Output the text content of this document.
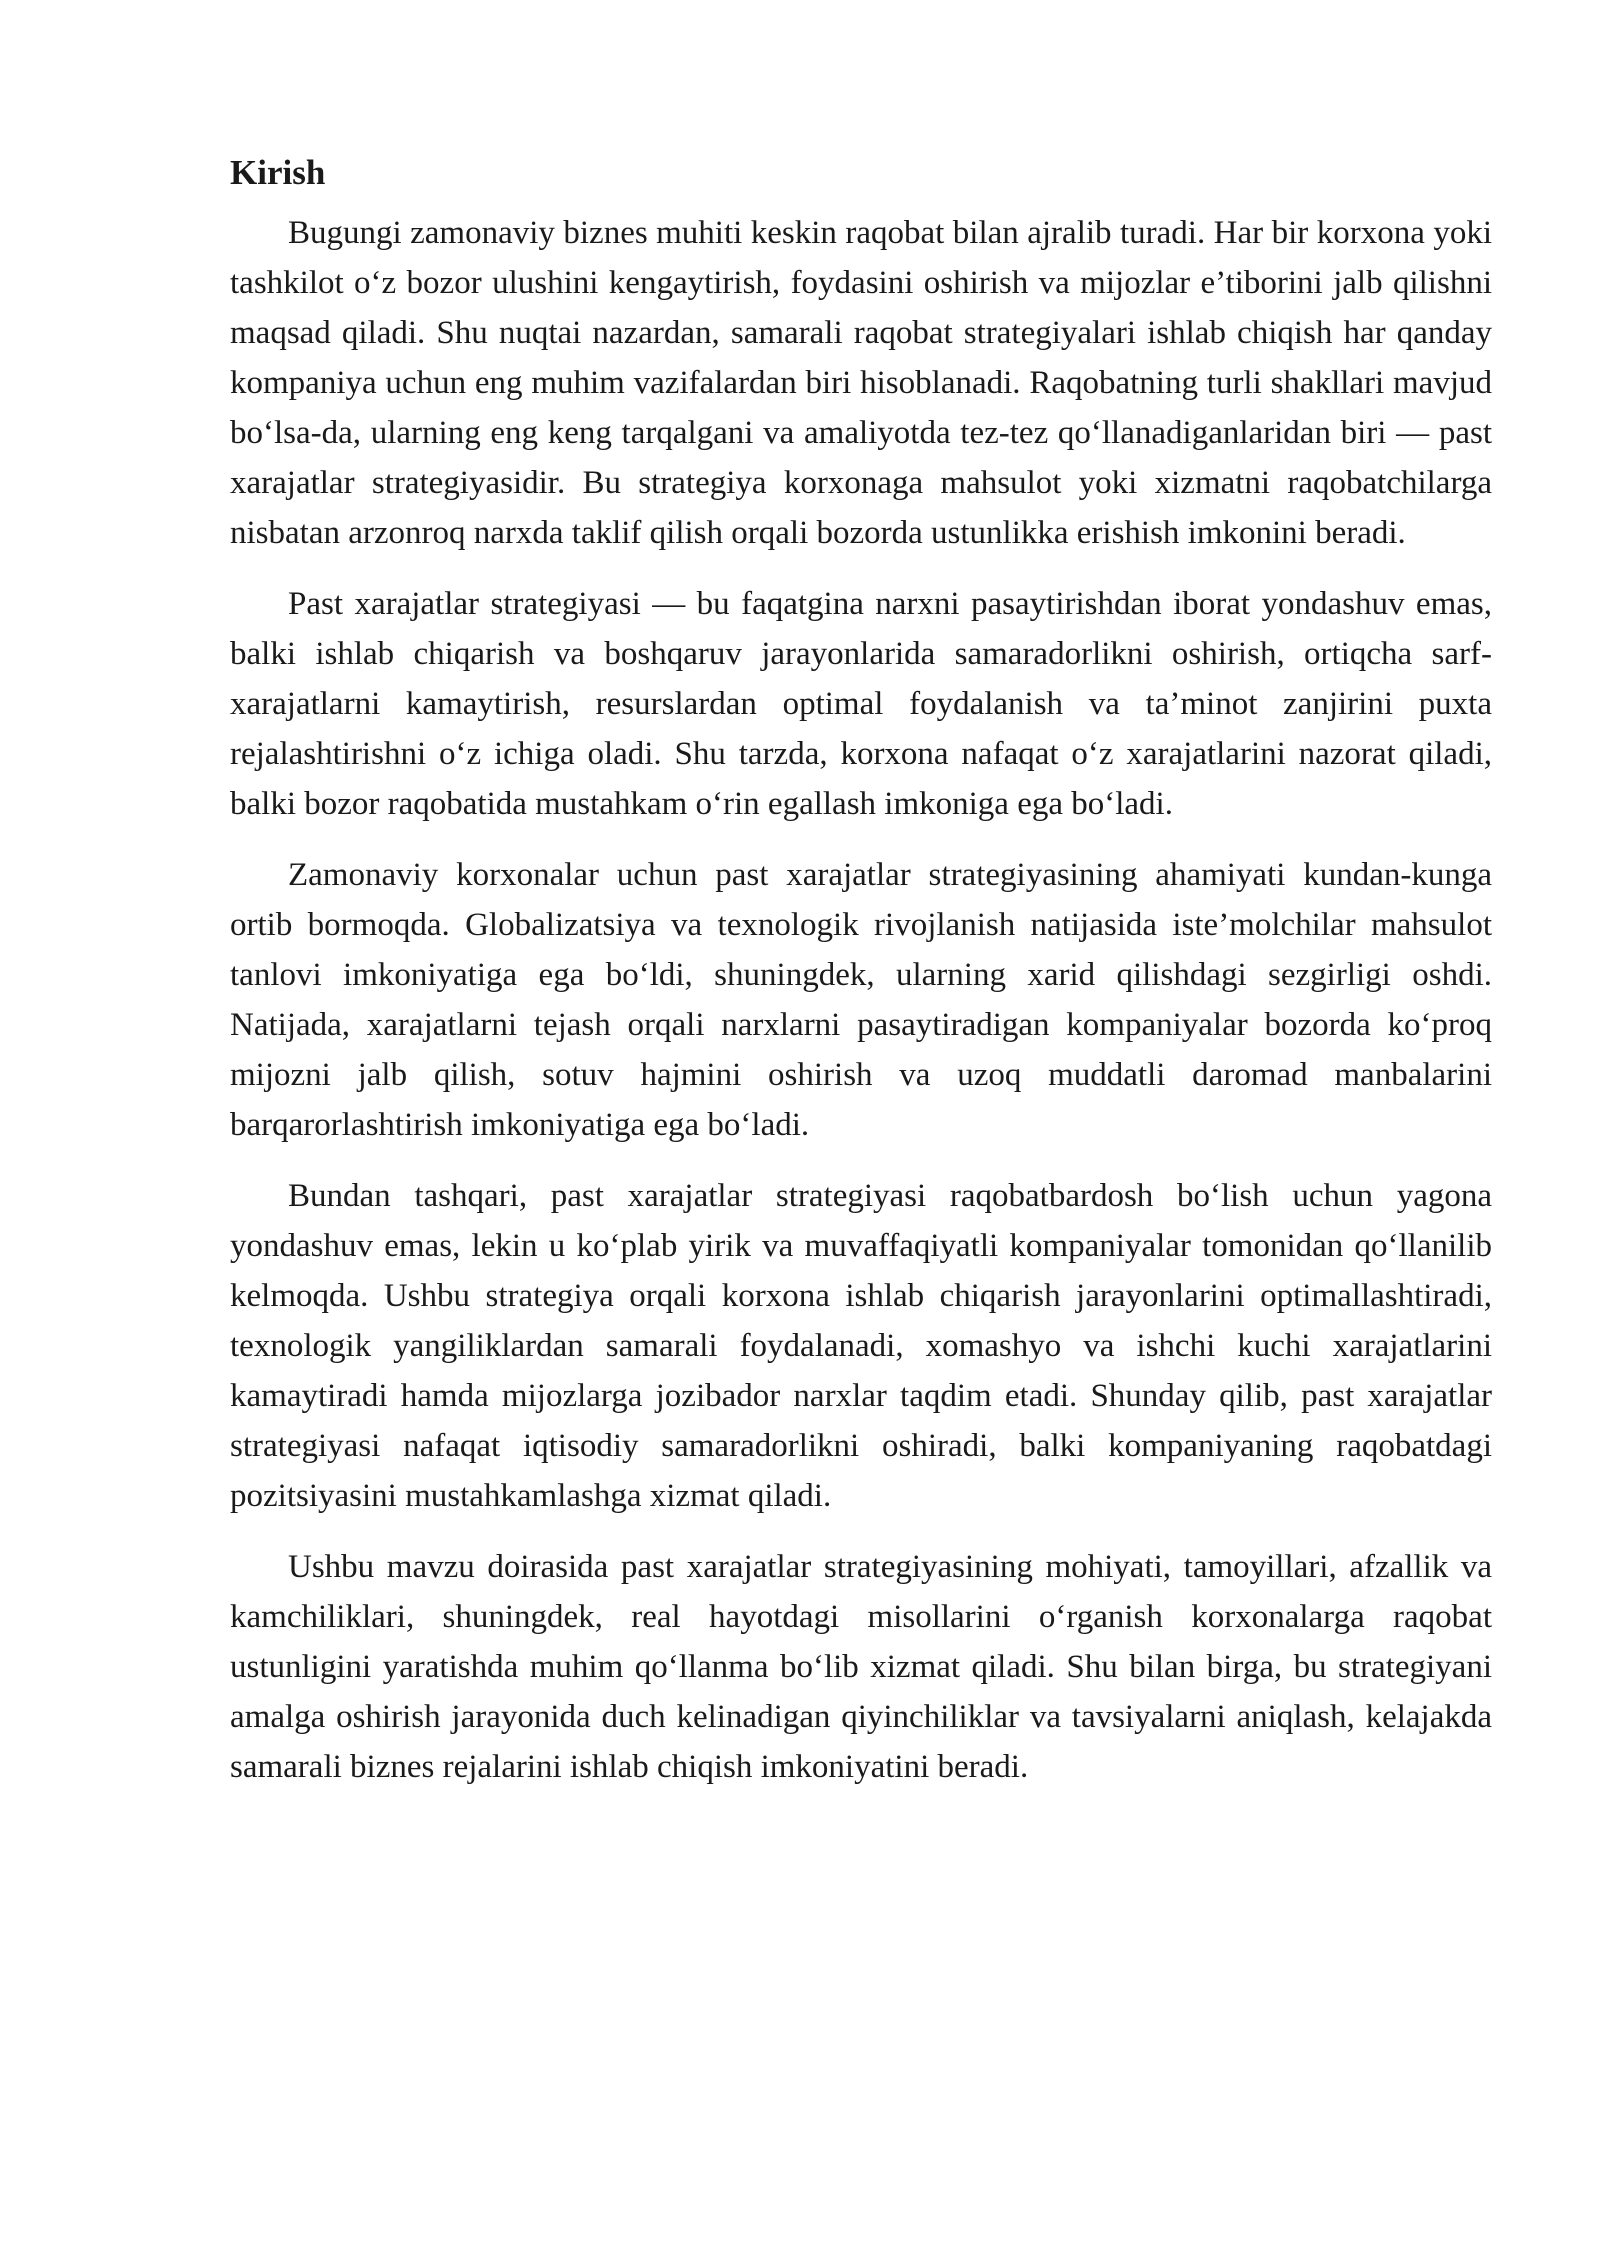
Kirish

Bugungi zamonaviy biznes muhiti keskin raqobat bilan ajralib turadi. Har bir korxona yoki tashkilot o‘z bozor ulushini kengaytirish, foydasini oshirish va mijozlar e’tiborini jalb qilishni maqsad qiladi. Shu nuqtai nazardan, samarali raqobat strategiyalari ishlab chiqish har qanday kompaniya uchun eng muhim vazifalardan biri hisoblanadi. Raqobatning turli shakllari mavjud bo‘lsa-da, ularning eng keng tarqalgani va amaliyotda tez-tez qo‘llanadiganlaridan biri — past xarajatlar strategiyasidir. Bu strategiya korxonaga mahsulot yoki xizmatni raqobatchilarga nisbatan arzonroq narxda taklif qilish orqali bozorda ustunlikka erishish imkonini beradi.

Past xarajatlar strategiyasi — bu faqatgina narxni pasaytirishdan iborat yondashuv emas, balki ishlab chiqarish va boshqaruv jarayonlarida samaradorlikni oshirish, ortiqcha sarf-xarajatlarni kamaytirish, resurslardan optimal foydalanish va ta’minot zanjirini puxta rejalashtirishni o‘z ichiga oladi. Shu tarzda, korxona nafaqat o‘z xarajatlarini nazorat qiladi, balki bozor raqobatida mustahkam o‘rin egallash imkoniga ega bo‘ladi.

Zamonaviy korxonalar uchun past xarajatlar strategiyasining ahamiyati kundan-kunga ortib bormoqda. Globalizatsiya va texnologik rivojlanish natijasida iste’molchilar mahsulot tanlovi imkoniyatiga ega bo‘ldi, shuningdek, ularning xarid qilishdagi sezgirligi oshdi. Natijada, xarajatlarni tejash orqali narxlarni pasaytiradigan kompaniyalar bozorda ko‘proq mijozni jalb qilish, sotuv hajmini oshirish va uzoq muddatli daromad manbalarini barqarorlashtirish imkoniyatiga ega bo‘ladi.

Bundan tashqari, past xarajatlar strategiyasi raqobatbardosh bo‘lish uchun yagona yondashuv emas, lekin u ko‘plab yirik va muvaffaqiyatli kompaniyalar tomonidan qo‘llanilib kelmoqda. Ushbu strategiya orqali korxona ishlab chiqarish jarayonlarini optimallashtiradi, texnologik yangiliklardan samarali foydalanadi, xomashyo va ishchi kuchi xarajatlarini kamaytiradi hamda mijozlarga jozibador narxlar taqdim etadi. Shunday qilib, past xarajatlar strategiyasi nafaqat iqtisodiy samaradorlikni oshiradi, balki kompaniyaning raqobatdagi pozitsiyasini mustahkamlashga xizmat qiladi.

Ushbu mavzu doirasida past xarajatlar strategiyasining mohiyati, tamoyillari, afzallik va kamchiliklari, shuningdek, real hayotdagi misollarini o‘rganish korxonalarga raqobat ustunligini yaratishda muhim qo‘llanma bo‘lib xizmat qiladi. Shu bilan birga, bu strategiyani amalga oshirish jarayonida duch kelinadigan qiyinchiliklar va tavsiyalarni aniqlash, kelajakda samarali biznes rejalarini ishlab chiqish imkoniyatini beradi.
